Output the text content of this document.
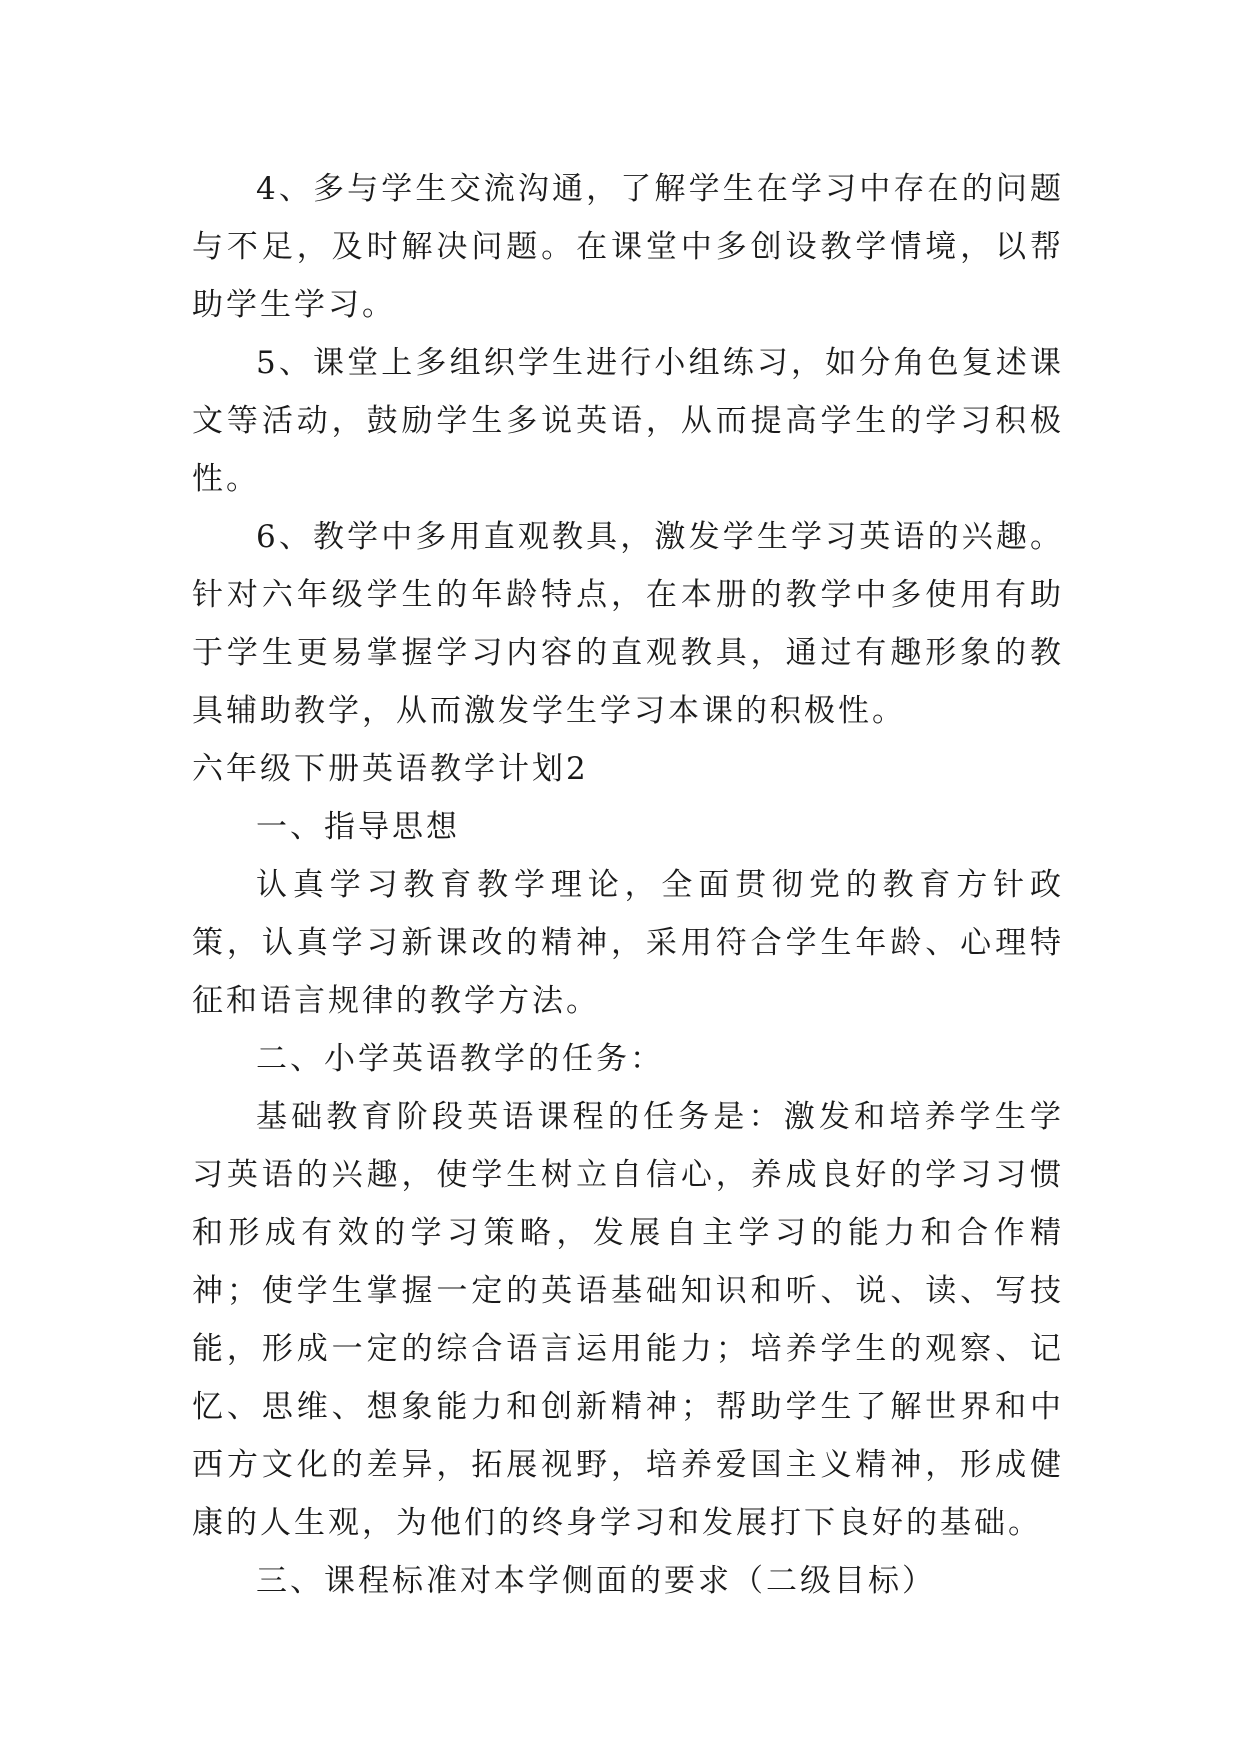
4、多与学生交流沟通，了解学生在学习中存在的问题与不足，及时解决问题。在课堂中多创设教学情境，以帮助学生学习。

5、课堂上多组织学生进行小组练习，如分角色复述课文等活动，鼓励学生多说英语，从而提高学生的学习积极性。

6、教学中多用直观教具，激发学生学习英语的兴趣。针对六年级学生的年龄特点，在本册的教学中多使用有助于学生更易掌握学习内容的直观教具，通过有趣形象的教具辅助教学，从而激发学生学习本课的积极性。

六年级下册英语教学计划2

一、指导思想

认真学习教育教学理论，全面贯彻党的教育方针政策，认真学习新课改的精神，采用符合学生年龄、心理特征和语言规律的教学方法。

二、小学英语教学的任务：

基础教育阶段英语课程的任务是：激发和培养学生学习英语的兴趣，使学生树立自信心，养成良好的学习习惯和形成有效的学习策略，发展自主学习的能力和合作精神；使学生掌握一定的英语基础知识和听、说、读、写技能，形成一定的综合语言运用能力；培养学生的观察、记忆、思维、想象能力和创新精神；帮助学生了解世界和中西方文化的差异，拓展视野，培养爱国主义精神，形成健康的人生观，为他们的终身学习和发展打下良好的基础。

三、课程标准对本学侧面的要求（二级目标）
